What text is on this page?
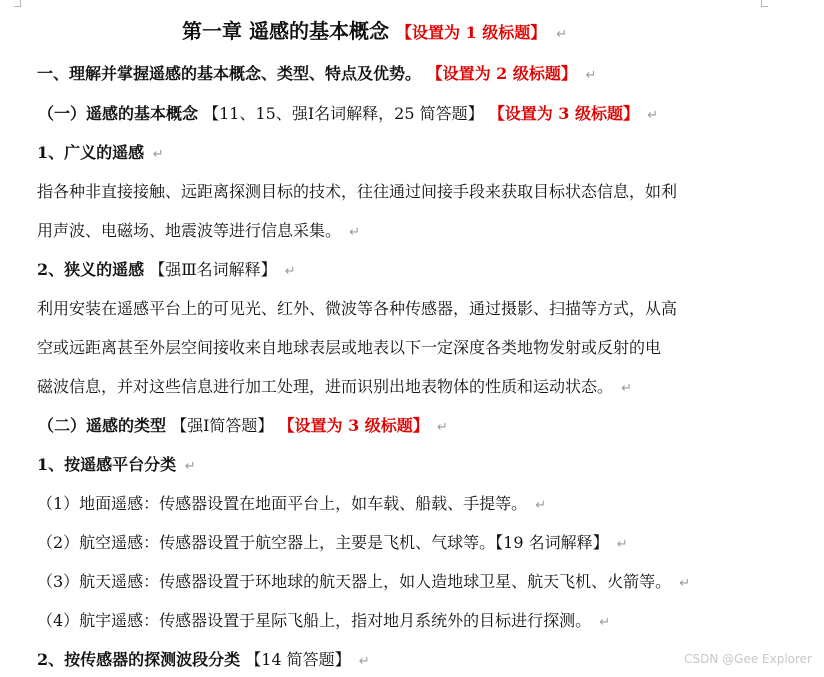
第一章 遥感的基本概念 【设置为 1 级标题】 ↵
一、理解并掌握遥感的基本概念、类型、特点及优势。 【设置为 2 级标题】 ↵
（一）遥感的基本概念 【11、15、强Ⅰ名词解释，25 简答题】 【设置为 3 级标题】 ↵
1、广义的遥感 ↵
指各种非直接接触、远距离探测目标的技术，往往通过间接手段来获取目标状态信息，如利
用声波、电磁场、地震波等进行信息采集。 ↵
2、狭义的遥感 【强Ⅲ名词解释】 ↵
利用安装在遥感平台上的可见光、红外、微波等各种传感器，通过摄影、扫描等方式，从高
空或远距离甚至外层空间接收来自地球表层或地表以下一定深度各类地物发射或反射的电
磁波信息，并对这些信息进行加工处理，进而识别出地表物体的性质和运动状态。 ↵
（二）遥感的类型 【强Ⅰ简答题】 【设置为 3 级标题】 ↵
1、按遥感平台分类 ↵
（1）地面遥感：传感器设置在地面平台上，如车载、船载、手提等。 ↵
（2）航空遥感：传感器设置于航空器上，主要是飞机、气球等。【19 名词解释】 ↵
（3）航天遥感：传感器设置于环地球的航天器上，如人造地球卫星、航天飞机、火箭等。 ↵
（4）航宇遥感：传感器设置于星际飞船上，指对地月系统外的目标进行探测。 ↵
2、按传感器的探测波段分类 【14 简答题】 ↵	CSDN @Gee Explorer
